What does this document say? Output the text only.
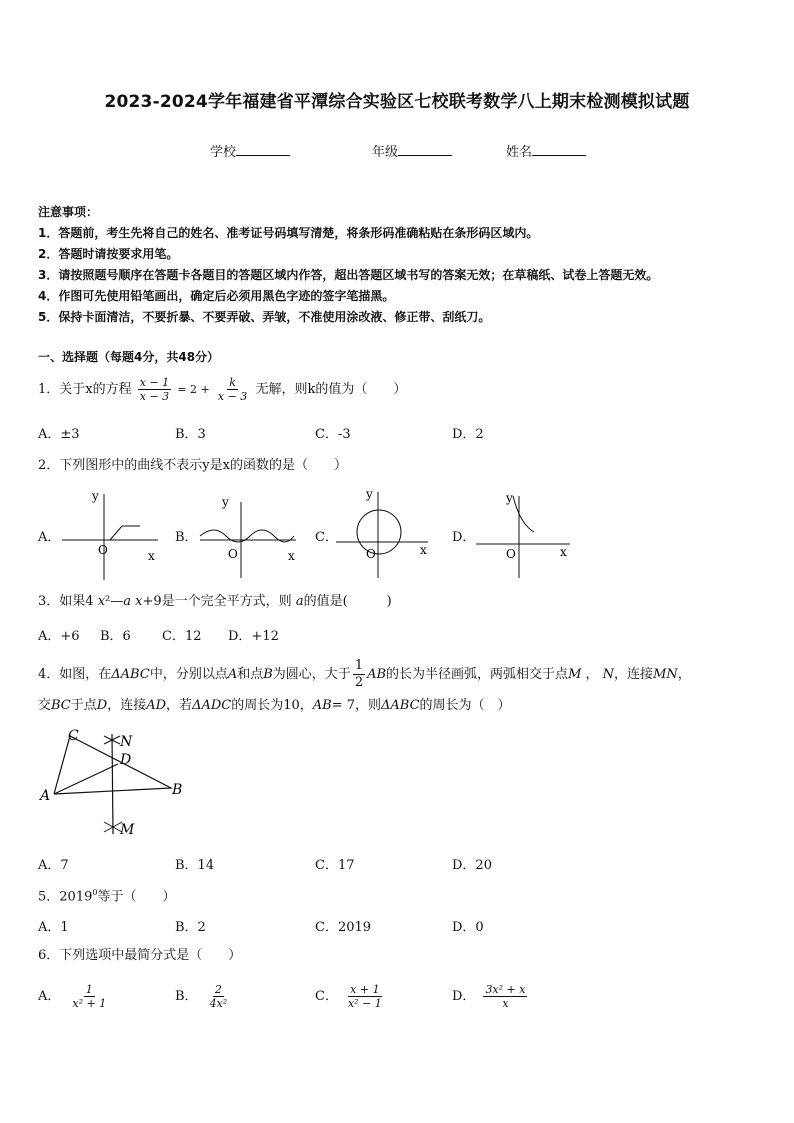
2023-2024学年福建省平潭综合实验区七校联考数学八上期末检测模拟试题
学校	年级	姓名
注意事项：
1．答题前，考生先将自己的姓名、准考证号码填写清楚，将条形码准确粘贴在条形码区域内。
2．答题时请按要求用笔。
3．请按照题号顺序在答题卡各题目的答题区域内作答，超出答题区域书写的答案无效；在草稿纸、试卷上答题无效。
4．作图可先使用铅笔画出，确定后必须用黑色字迹的签字笔描黑。
5．保持卡面清洁，不要折暴、不要弄破、弄皱，不准使用涂改液、修正带、刮纸刀。
一、选择题（每题4分，共48分）
1．关于x的方程 $\frac{x - 1}{x - 3} = 2 + \frac{k}{x - 3}$ 无解，则k的值为（　　）
A．±3	B．3	C．-3	D．2
2．下列图形中的曲线不表示y是x的函数的是（　　）
A．
y
O	x
B．
y
O	x
C．
y
O	x
D．
y
O	x
3．如果4 x²—a x+9是一个完全平方式，则 a的值是(　　　)
A．+6 B．6 C．12 D．+12
4．如图，在ΔABC中，分别以点A和点B为圆心，大于 $\frac{1}{2}$ AB的长为半径画弧，两弧相交于点M ， N，连接MN，
交BC于点D，连接AD，若ΔADC的周长为10，AB= 7，则ΔABC的周长为（　）
C	N
D
A	B
M
A．7	B．14	C．17	D．20
5．2019$^0$等于（　　）
A．1	B．2	C．2019	D．0
6．下列选项中最简分式是（　　）
A． $\frac{1}{\text{x² + 1}}$	B． $\frac{2}{\text{4x²}}$	C． $\frac{x + 1}{\text{x² − 1}}$	D． $\frac{\text{3x² + x}}{x}$
